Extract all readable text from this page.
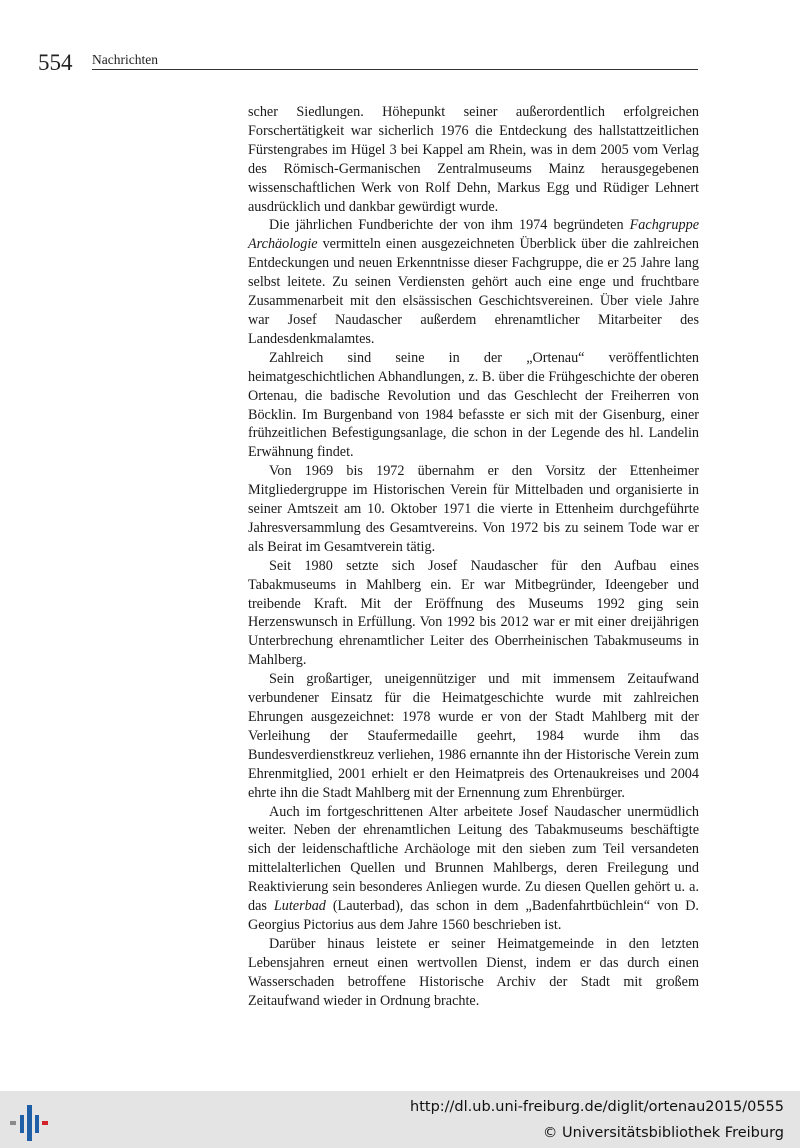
554 Nachrichten

scher Siedlungen. Höhepunkt seiner außerordentlich erfolgreichen Forschertätigkeit war sicherlich 1976 die Entdeckung des hallstattzeitlichen Fürstengrabes im Hügel 3 bei Kappel am Rhein, was in dem 2005 vom Verlag des Römisch-Germanischen Zentralmuseums Mainz herausgegebenen wissenschaftlichen Werk von Rolf Dehn, Markus Egg und Rüdiger Lehnert ausdrücklich und dankbar gewürdigt wurde.

Die jährlichen Fundberichte der von ihm 1974 begründeten Fachgruppe Archäologie vermitteln einen ausgezeichneten Überblick über die zahlreichen Entdeckungen und neuen Erkenntnisse dieser Fachgruppe, die er 25 Jahre lang selbst leitete. Zu seinen Verdiensten gehört auch eine enge und fruchtbare Zusammenarbeit mit den elsässischen Geschichtsvereinen. Über viele Jahre war Josef Naudascher außerdem ehrenamtlicher Mitarbeiter des Landesdenkmalamtes.

Zahlreich sind seine in der „Ortenau“ veröffentlichten heimatgeschichtlichen Abhandlungen, z. B. über die Frühgeschichte der oberen Ortenau, die badische Revolution und das Geschlecht der Freiherren von Böcklin. Im Burgenband von 1984 befasste er sich mit der Gisenburg, einer frühzeitlichen Befestigungsanlage, die schon in der Legende des hl. Landelin Erwähnung findet.

Von 1969 bis 1972 übernahm er den Vorsitz der Ettenheimer Mitgliedergruppe im Historischen Verein für Mittelbaden und organisierte in seiner Amtszeit am 10. Oktober 1971 die vierte in Ettenheim durchgeführte Jahresversammlung des Gesamtvereins. Von 1972 bis zu seinem Tode war er als Beirat im Gesamtverein tätig.

Seit 1980 setzte sich Josef Naudascher für den Aufbau eines Tabakmuseums in Mahlberg ein. Er war Mitbegründer, Ideengeber und treibende Kraft. Mit der Eröffnung des Museums 1992 ging sein Herzenswunsch in Erfüllung. Von 1992 bis 2012 war er mit einer dreijährigen Unterbrechung ehrenamtlicher Leiter des Oberrheinischen Tabakmuseums in Mahlberg.

Sein großartiger, uneigennütziger und mit immensem Zeitaufwand verbundener Einsatz für die Heimatgeschichte wurde mit zahlreichen Ehrungen ausgezeichnet: 1978 wurde er von der Stadt Mahlberg mit der Verleihung der Staufermedaille geehrt, 1984 wurde ihm das Bundesverdienstkreuz verliehen, 1986 ernannte ihn der Historische Verein zum Ehrenmitglied, 2001 erhielt er den Heimatpreis des Ortenaukreises und 2004 ehrte ihn die Stadt Mahlberg mit der Ernennung zum Ehrenbürger.

Auch im fortgeschrittenen Alter arbeitete Josef Naudascher unermüdlich weiter. Neben der ehrenamtlichen Leitung des Tabakmuseums beschäftigte sich der leidenschaftliche Archäologe mit den sieben zum Teil versandeten mittelalterlichen Quellen und Brunnen Mahlbergs, deren Freilegung und Reaktivierung sein besonderes Anliegen wurde. Zu diesen Quellen gehört u. a. das Luterbad (Lauterbad), das schon in dem „Badenfahrtbüchlein“ von D. Georgius Pictorius aus dem Jahre 1560 beschrieben ist.

Darüber hinaus leistete er seiner Heimatgemeinde in den letzten Lebensjahren erneut einen wertvollen Dienst, indem er das durch einen Wasserschaden betroffene Historische Archiv der Stadt mit großem Zeitaufwand wieder in Ordnung brachte.

http://dl.ub.uni-freiburg.de/diglit/ortenau2015/0555
© Universitätsbibliothek Freiburg
